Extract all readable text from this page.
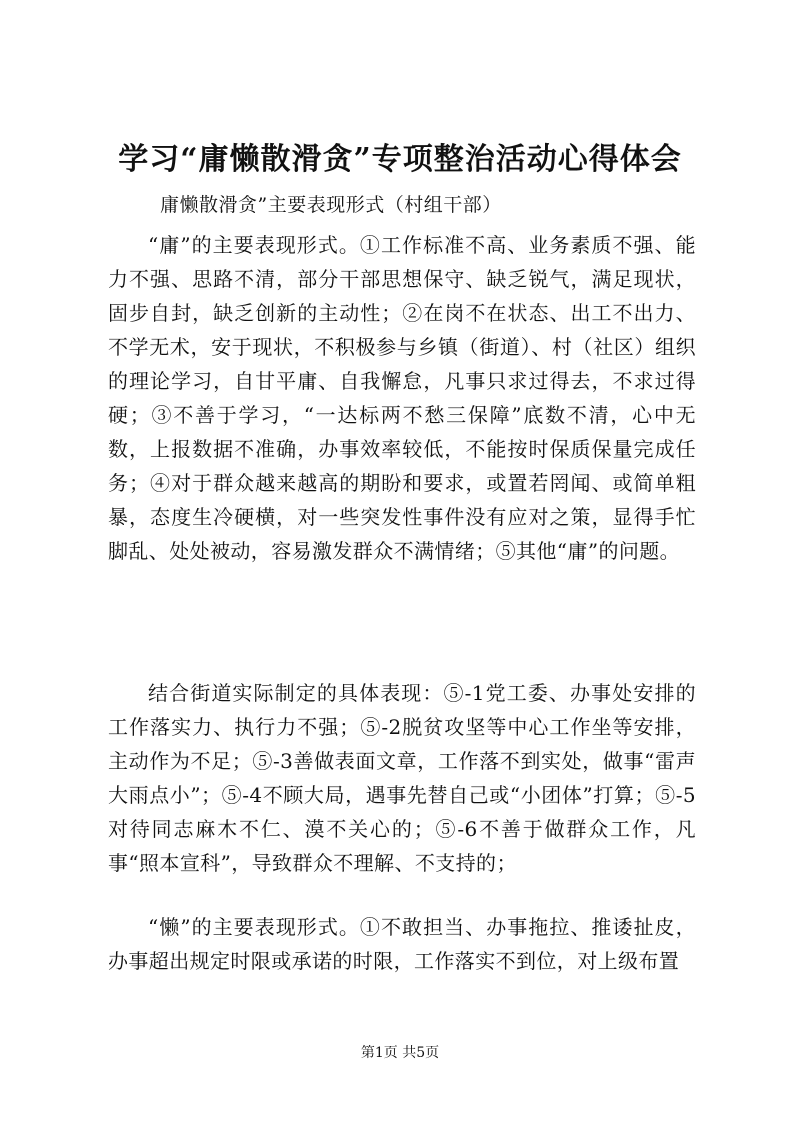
学习“庸懒散滑贪”专项整治活动心得体会

庸懒散滑贪”主要表现形式（村组干部）

“庸”的主要表现形式。①工作标准不高、业务素质不强、能力不强、思路不清，部分干部思想保守、缺乏锐气，满足现状，固步自封，缺乏创新的主动性；②在岗不在状态、出工不出力、不学无术，安于现状，不积极参与乡镇（街道）、村（社区）组织的理论学习，自甘平庸、自我懈怠，凡事只求过得去，不求过得硬；③不善于学习，“一达标两不愁三保障”底数不清，心中无数，上报数据不准确，办事效率较低，不能按时保质保量完成任务；④对于群众越来越高的期盼和要求，或置若罔闻、或简单粗暴，态度生冷硬横，对一些突发性事件没有应对之策，显得手忙脚乱、处处被动，容易激发群众不满情绪；⑤其他“庸”的问题。

结合街道实际制定的具体表现：⑤-1党工委、办事处安排的工作落实力、执行力不强；⑤-2脱贫攻坚等中心工作坐等安排，主动作为不足；⑤-3善做表面文章，工作落不到实处，做事“雷声大雨点小”；⑤-4不顾大局，遇事先替自己或“小团体”打算；⑤-5对待同志麻木不仁、漠不关心的；⑤-6不善于做群众工作，凡事“照本宣科”，导致群众不理解、不支持的；

“懒”的主要表现形式。①不敢担当、办事拖拉、推诿扯皮，办事超出规定时限或承诺的时限，工作落实不到位，对上级布置

第1页 共5页
